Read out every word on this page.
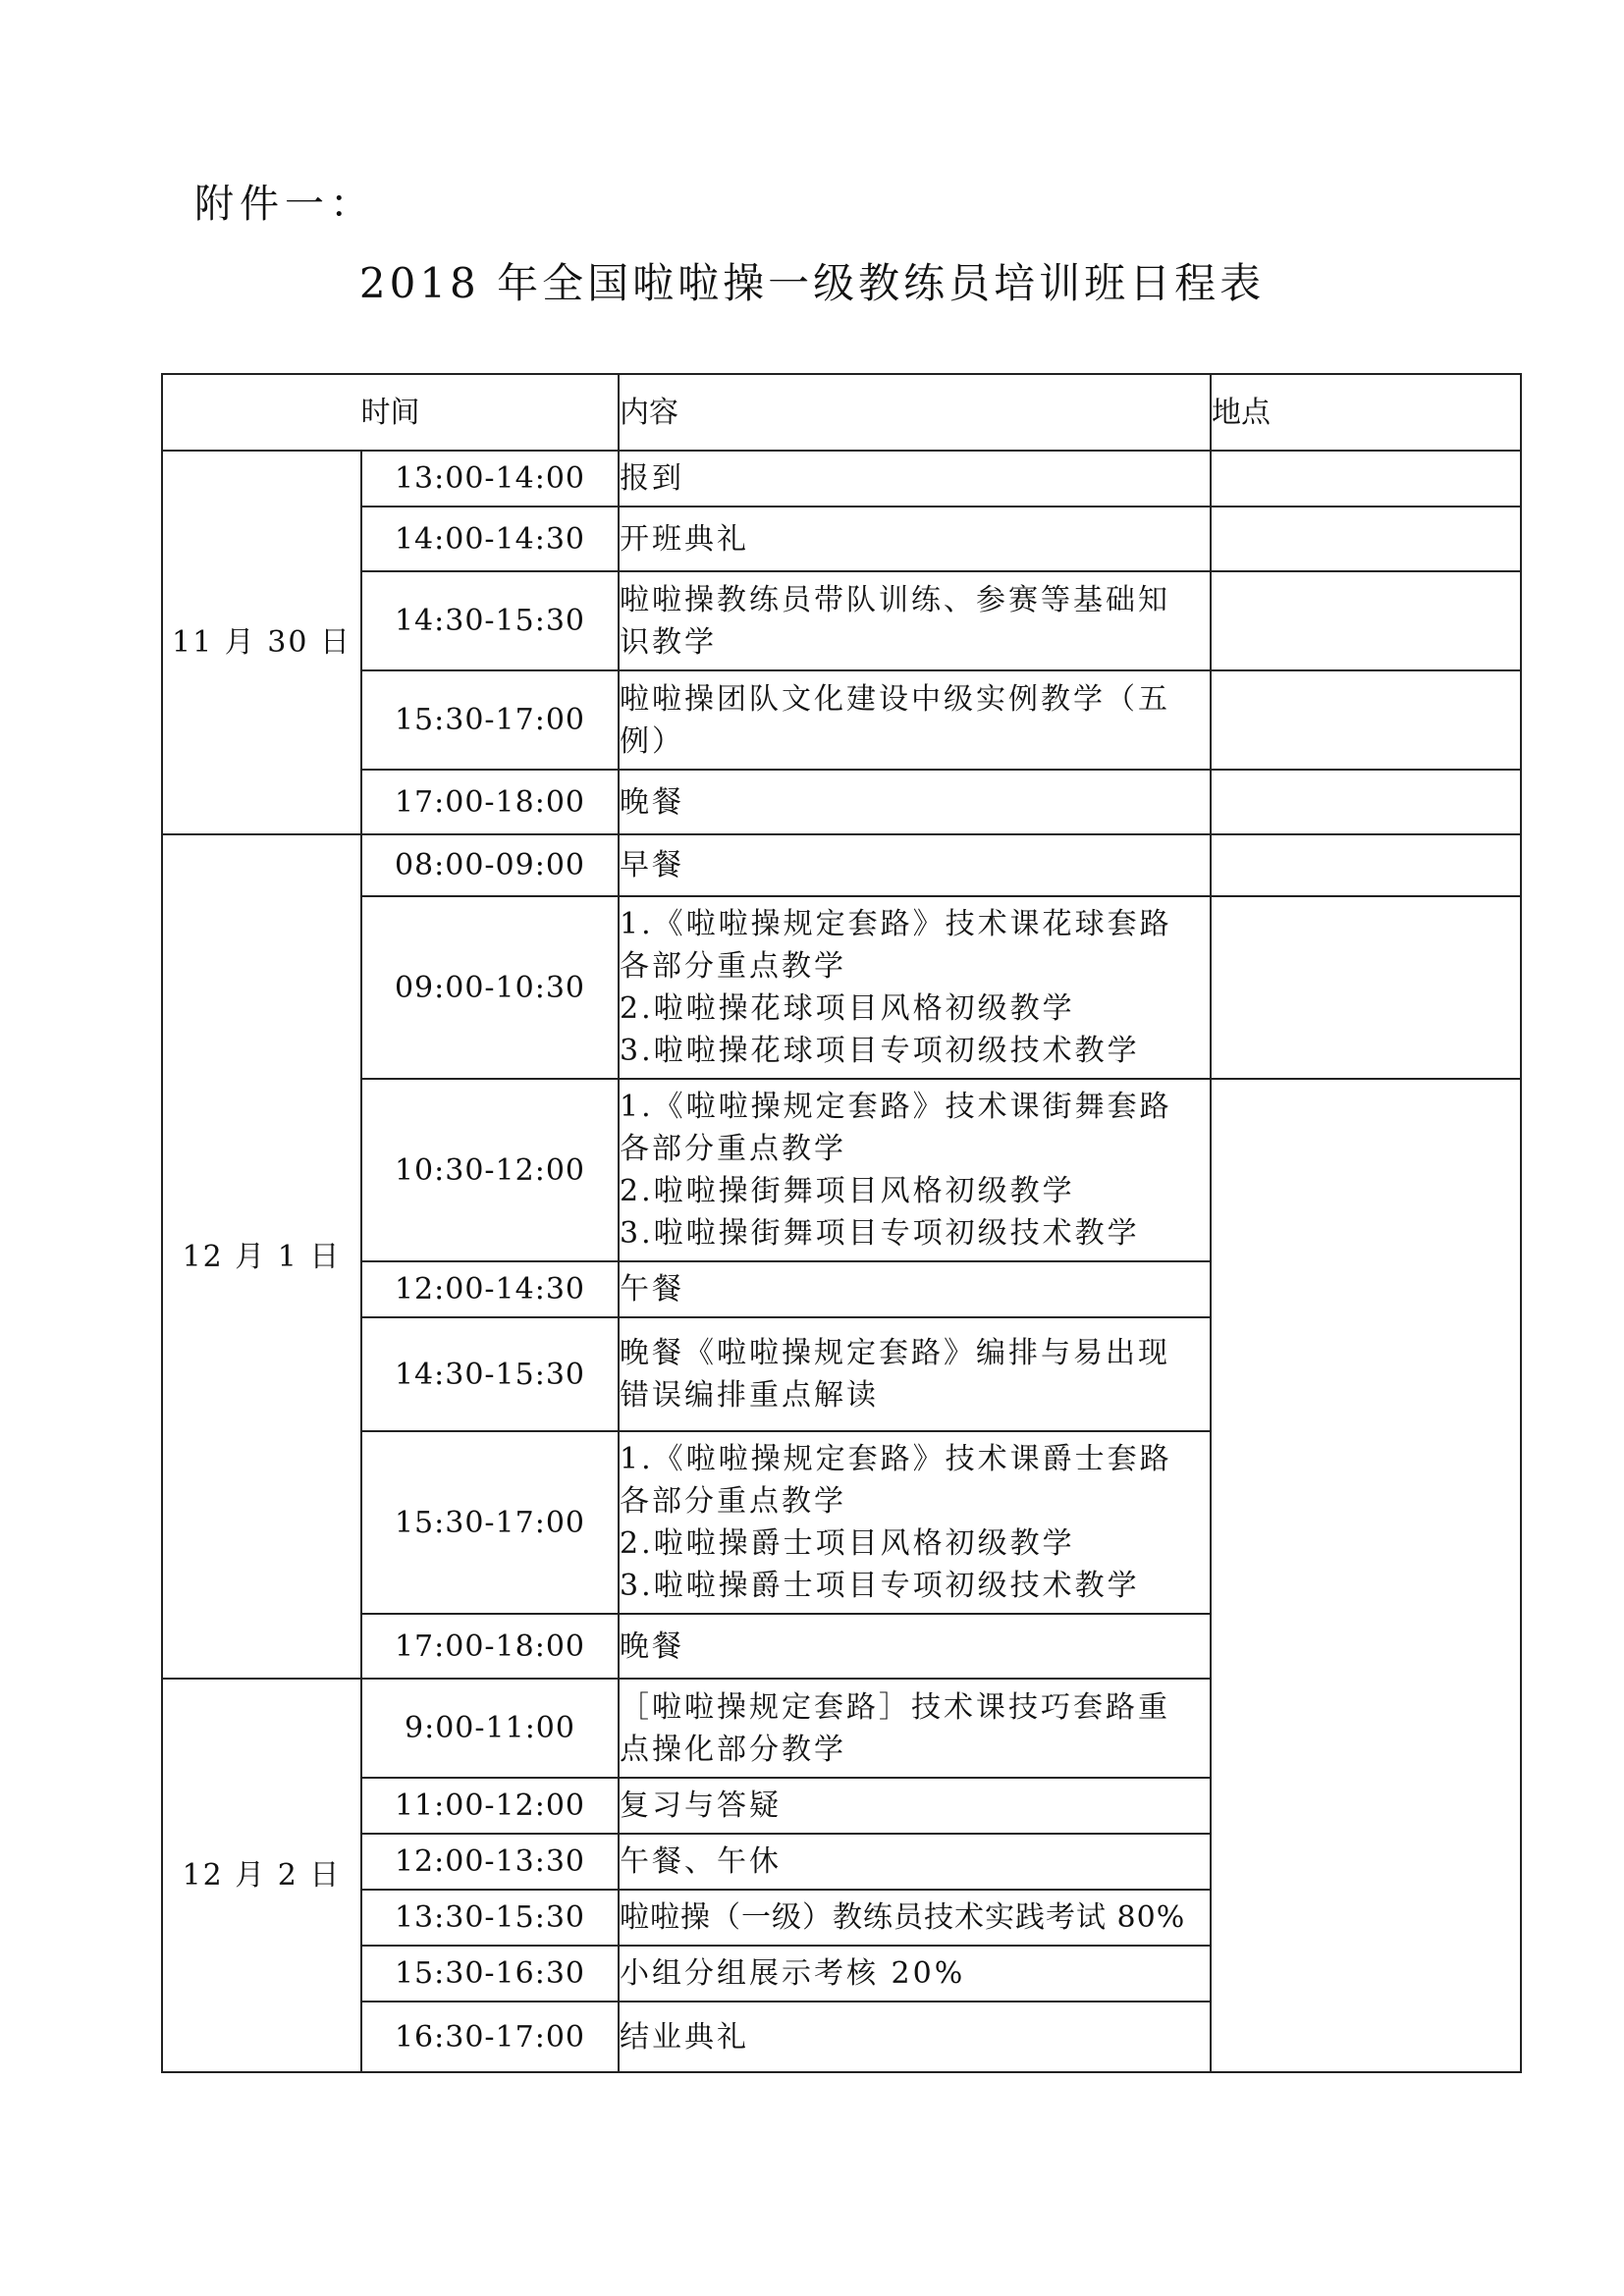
附件一：
2018 年全国啦啦操一级教练员培训班日程表
时间		内容	地点	
11 月 30 日	13:00-14:00	报到		

	14:00-14:30	开班典礼		

	14:30-15:30	啦啦操教练员带队训练、参赛等基础知
识教学		

	15:30-17:00	啦啦操团队文化建设中级实例教学（五
例）		

	17:00-18:00	晚餐		

12 月 1 日	08:00-09:00	早餐		

	09:00-10:30	1.《啦啦操规定套路》技术课花球套路
各部分重点教学
2.啦啦操花球项目风格初级教学
3.啦啦操花球项目专项初级技术教学		

	10:30-12:00	1.《啦啦操规定套路》技术课街舞套路
各部分重点教学
2.啦啦操街舞项目风格初级教学
3.啦啦操街舞项目专项初级技术教学		

	12:00-14:30	午餐		

	14:30-15:30	晚餐《啦啦操规定套路》编排与易出现
错误编排重点解读		

	15:30-17:00	1.《啦啦操规定套路》技术课爵士套路
各部分重点教学
2.啦啦操爵士项目风格初级教学
3.啦啦操爵士项目专项初级技术教学		

	17:00-18:00	晚餐		

12 月 2 日	9:00-11:00	［啦啦操规定套路］技术课技巧套路重
点操化部分教学		

	11:00-12:00	复习与答疑		

	12:00-13:30	午餐、午休		

	13:30-15:30	啦啦操（一级）教练员技术实践考试 80%		

	15:30-16:30	小组分组展示考核 20%		

	16:30-17:00	结业典礼		
